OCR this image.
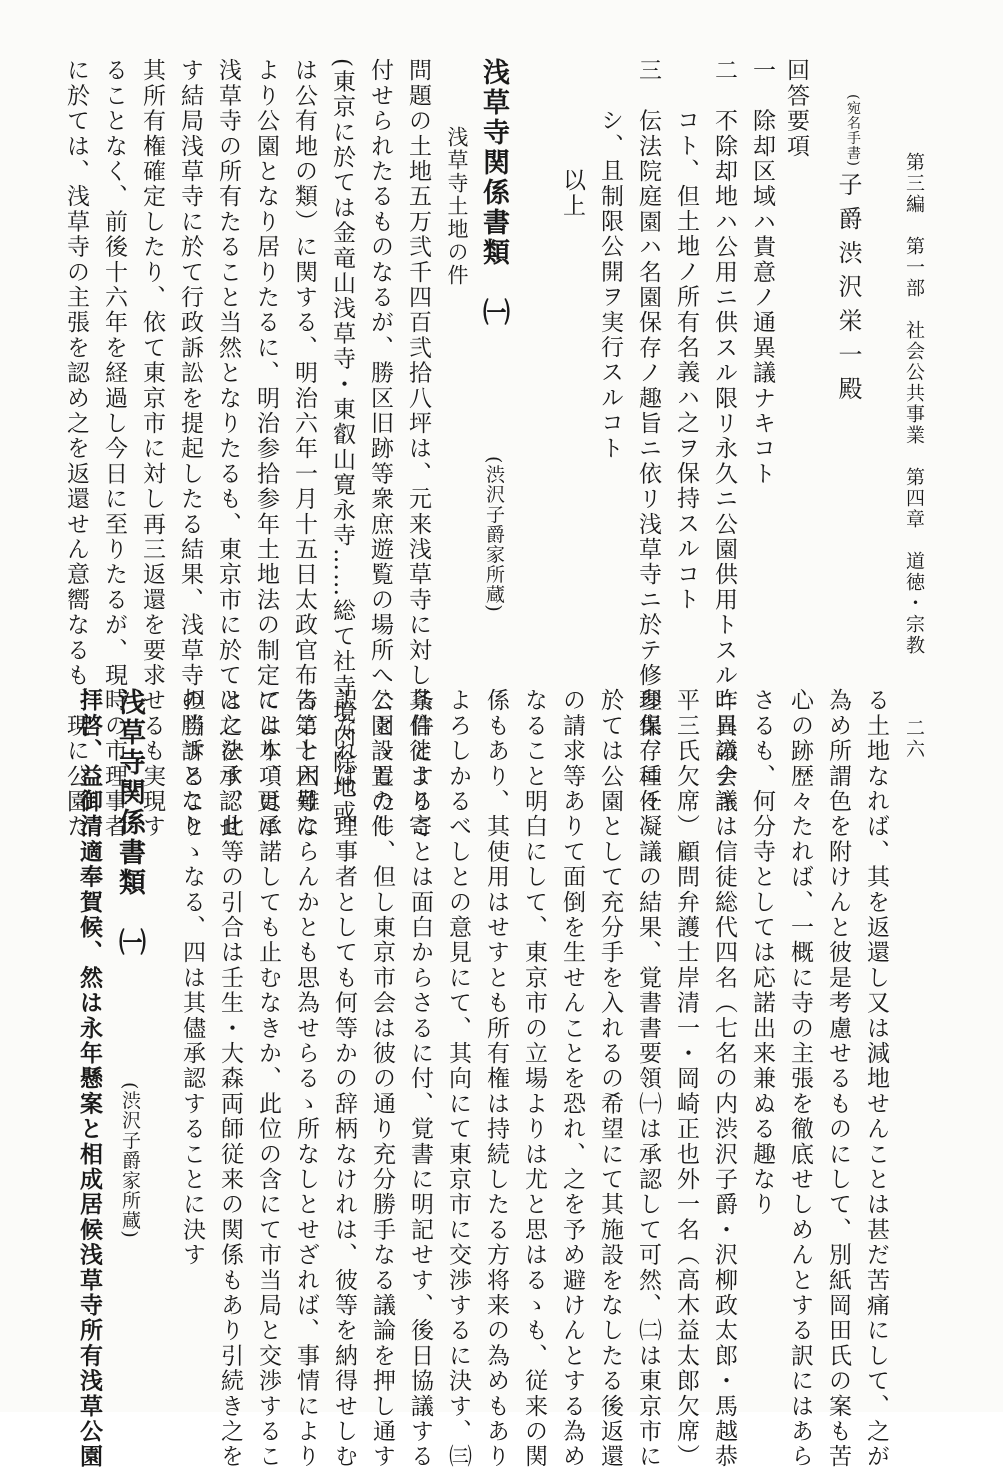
第三編　第一部　社会公共事業　第四章　道徳・宗教
二六
(宛名手書)
子爵渋沢栄一殿
回答要項
一　除却区域ハ貴意ノ通異議ナキコト
二　不除却地ハ公用ニ供スル限リ永久ニ公園供用トスルニ異議ナキ
コト、但土地ノ所有名義ハ之ヲ保持スルコト
三　伝法院庭園ハ名園保存ノ趣旨ニ依リ浅草寺ニ於テ修理保存ニ任
シ、且制限公開ヲ実行スルコト
以上
浅草寺関係書類　㈠
(渋沢子爵家所蔵)
浅草寺土地の件
問題の土地五万弐千四百弐拾八坪は、元来浅草寺に対し其信徒より寄
付せられたるものなるが、勝区旧跡等衆庶遊覧の場所へ公園設置の件
(東京に於ては金竜山浅草寺・東叡山寛永寺……総て社寺境内除地或
は公有地の類）に関する、明治六年一月十五日太政官布告第十六号に
より公園となり居りたるに、明治参拾参年土地法の制定により、更に
浅草寺の所有たること当然となりたるも、東京市に於ては之を承認せ
す結局浅草寺に於て行政訴訟を提起したる結果、浅草寺の勝訴となり
其所有権確定したり、依て東京市に対し再三返還を要求せるも実現す
ることなく、前後十六年を経過し今日に至りたるが、現時の市理事者
に於ては、浅草寺の主張を認め之を返還せん意嚮なるも、現に公園た
る土地なれば、其を返還し又は減地せんことは甚だ苦痛にして、之が
為め所謂色を附けんと彼是考慮せるものにして、別紙岡田氏の案も苦
心の跡歴々たれば、一概に寺の主張を徹底せしめんとする訳にはあら
さるも、何分寺としては応諾出来兼ぬる趣なり
昨日の会議は信徒総代四名（七名の内渋沢子爵・沢柳政太郎・馬越恭
平三氏欠席）顧問弁護士岸清一・岡崎正也外一名（高木益太郎欠席）
参集、種々凝議の結果、覚書書要領㈠は承認して可然、㈡は東京市に
於ては公園として充分手を入れるの希望にて其施設をなしたる後返還
の請求等ありて面倒を生せんことを恐れ、之を予め避けんとする為め
なること明白にして、東京市の立場よりは尤と思はるゝも、従来の関
係もあり、其使用はせすとも所有権は持続したる方将来の為めもあり
よろしかるべしとの意見にて、其向にて東京市に交渉するに決す、㈢
条件とすることは面白からさるに付、覚書に明記せす、後日協議する
ことゝしたし、但し東京市会は彼の通り充分勝手なる議論を押し通す
訳なれば、理事者としても何等かの辞柄なけれは、彼等を納得せしむ
ること困難ならんかとも思為せらるゝ所なしとせざれば、事情により
ては本項は承諾しても止むなきか、此位の含にて市当局と交渉するこ
とに決す、此等の引合は壬生・大森両師従来の関係もあり引続き之を
担当することゝなる、四は其儘承認することに決す
浅草寺関係書類　㈠
(渋沢子爵家所蔵)
拝啓、益御清適奉賀候、然は永年懸案と相成居候浅草寺所有浅草公園
